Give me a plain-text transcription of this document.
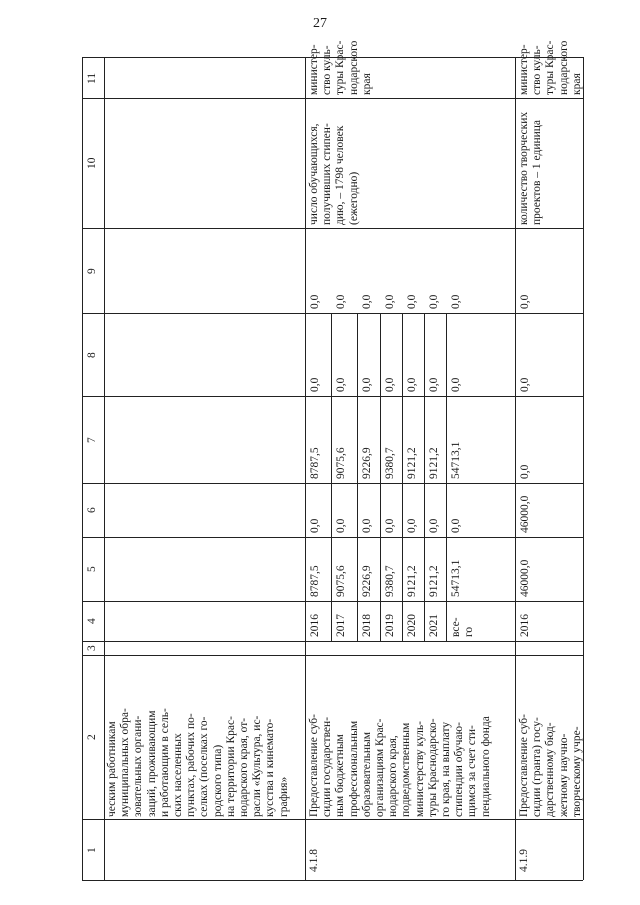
27
1
2
3
4
5
6
7
8
9
10
11
ческим работникам
муниципальных обра-
зовательных органи-
заций, проживающим
и работающим в сель-
ских населенных
пунктах, рабочих по-
селках (поселках го-
родского типа)
на территории Крас-
нодарского края, от-
расли «Культура, ис-
кусства и кинемато-
графия»
4.1.8
Предоставление суб-
сидии государствен-
ным бюджетным
профессиональным
образовательным
организациям Крас-
нодарского края,
подведомственным
министерству куль-
туры Краснодарско-
го края, на выплату
стипендии обучаю-
щимся за счет сти-
пендиального фонда
2016 2017 2018 2019 2020 2021 все-
го
8787,5 9075,6 9226,9 9380,7 9121,2 9121,2 54713,1
0,0 0,0 0,0 0,0 0,0 0,0 0,0
8787,5 9075,6 9226,9 9380,7 9121,2 9121,2 54713,1
0,0 0,0 0,0 0,0 0,0 0,0 0,0
0,0 0,0 0,0 0,0 0,0 0,0 0,0
число обучающихся,
получивших стипен-
дию, – 1798 человек
(ежегодно)
министер-
ство куль-
туры Крас-
нодарского
края
4.1.9
Предоставление суб-
сидии (гранта) госу-
дарственному бюд-
жетному научно-
творческому учре-
2016
46000,0
46000,0
0,0
0,0
0,0
количество творческих
проектов – 1 единица
министер-
ство куль-
туры Крас-
нодарского
края
